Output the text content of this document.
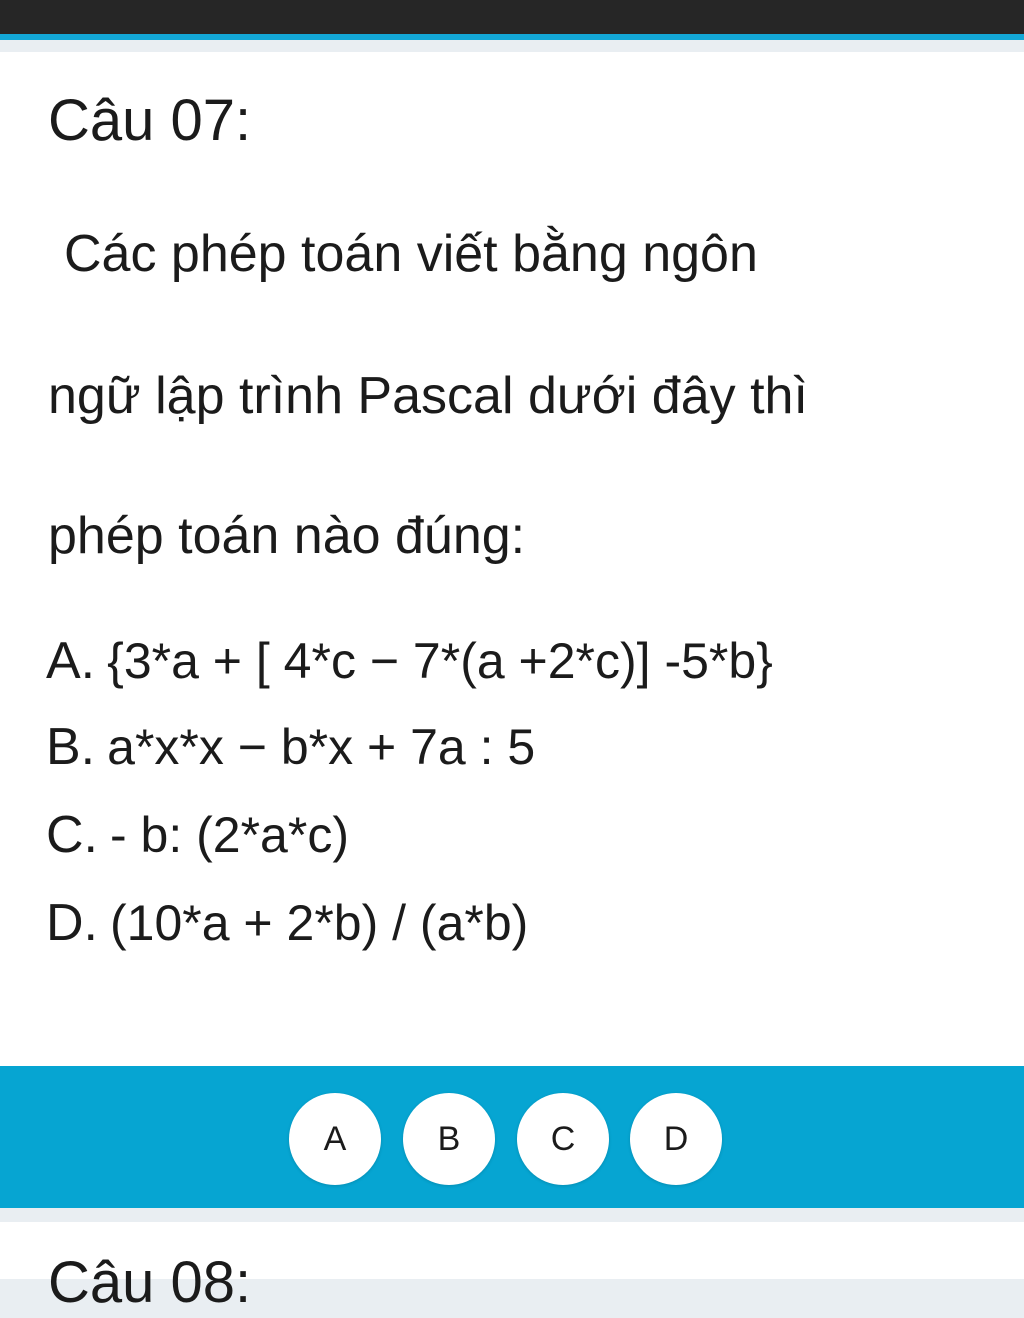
Câu 07:
Các phép toán viết bằng ngôn
ngữ lập trình Pascal dưới đây thì
phép toán nào đúng:
A. {3*a + [ 4*c − 7*(a +2*c)] -5*b}
B. a*x*x − b*x + 7a : 5
C. - b: (2*a*c)
D. (10*a + 2*b) / (a*b)
A	B	C	D
Câu 08:
